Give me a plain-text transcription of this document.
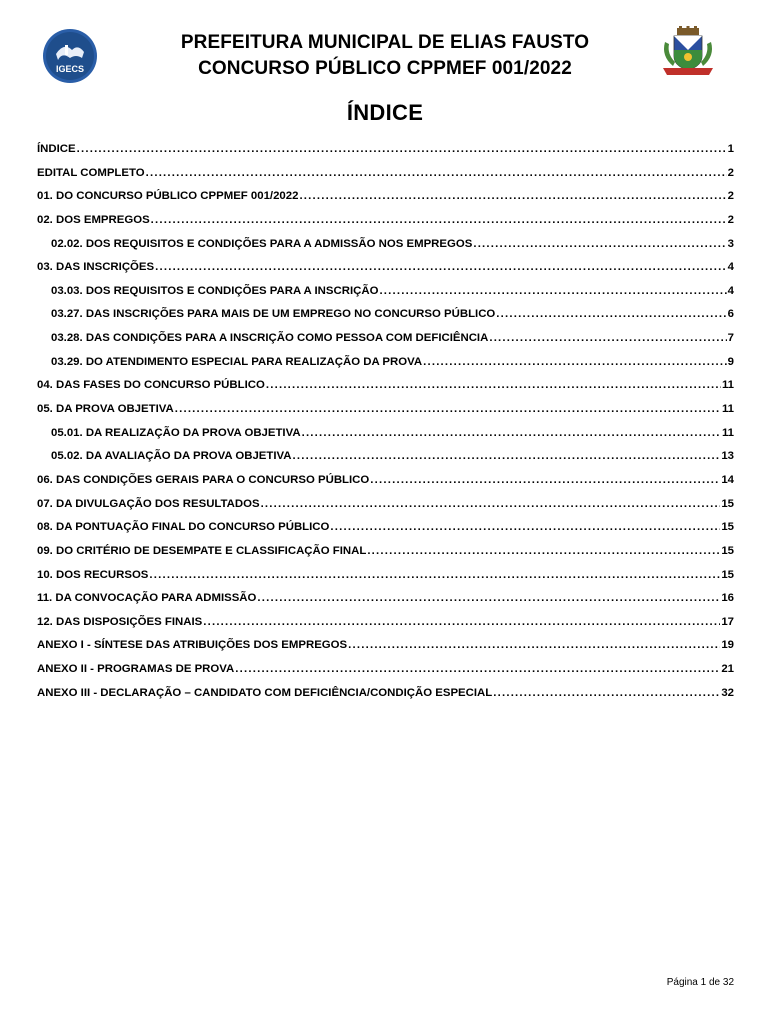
IGECS
PREFEITURA MUNICIPAL DE ELIAS FAUSTO
CONCURSO PÚBLICO CPPMEF 001/2022
ÍNDICE
ÍNDICE .....	1
EDITAL COMPLETO .....	2
01. DO CONCURSO PÚBLICO CPPMEF 001/2022 .....	2
02. DOS EMPREGOS .....	2
02.02. DOS REQUISITOS E CONDIÇÕES PARA A ADMISSÃO NOS EMPREGOS .....	3
03. DAS INSCRIÇÕES .....	4
03.03. DOS REQUISITOS E CONDIÇÕES PARA A INSCRIÇÃO .....	4
03.27. DAS INSCRIÇÕES PARA MAIS DE UM EMPREGO NO CONCURSO PÚBLICO .....	6
03.28. DAS CONDIÇÕES PARA A INSCRIÇÃO COMO PESSOA COM DEFICIÊNCIA .....	7
03.29. DO ATENDIMENTO ESPECIAL PARA REALIZAÇÃO DA PROVA .....	9
04. DAS FASES DO CONCURSO PÚBLICO .....	11
05. DA PROVA OBJETIVA .....	11
05.01. DA REALIZAÇÃO DA PROVA OBJETIVA .....	11
05.02. DA AVALIAÇÃO DA PROVA OBJETIVA .....	13
06. DAS CONDIÇÕES GERAIS PARA O CONCURSO PÚBLICO .....	14
07. DA DIVULGAÇÃO DOS RESULTADOS .....	15
08. DA PONTUAÇÃO FINAL DO CONCURSO PÚBLICO .....	15
09. DO CRITÉRIO DE DESEMPATE E CLASSIFICAÇÃO FINAL .....	15
10. DOS RECURSOS .....	15
11. DA CONVOCAÇÃO PARA ADMISSÃO .....	16
12. DAS DISPOSIÇÕES FINAIS .....	17
ANEXO I - SÍNTESE DAS ATRIBUIÇÕES DOS EMPREGOS .....	19
ANEXO II - PROGRAMAS DE PROVA .....	21
ANEXO III - DECLARAÇÃO – CANDIDATO COM DEFICIÊNCIA/CONDIÇÃO ESPECIAL .....	32
Página 1 de 32
